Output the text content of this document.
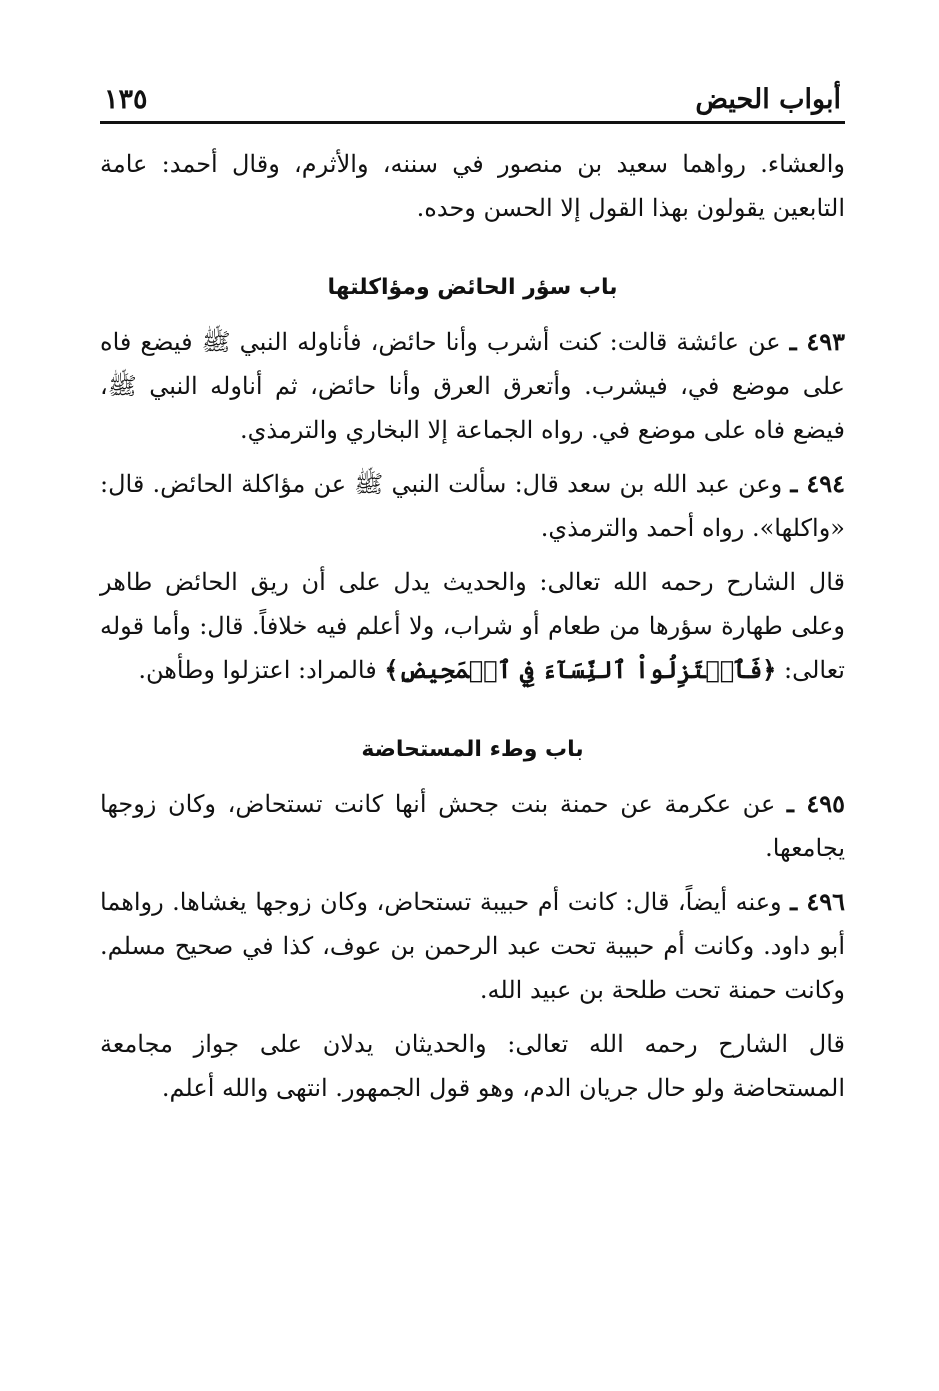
أبواب الحيض
١٣٥

والعشاء. رواهما سعيد بن منصور في سننه، والأثرم، وقال أحمد: عامة التابعين يقولون بهذا القول إلا الحسن وحده.

باب سؤر الحائض ومؤاكلتها

٤٩٣ ـ عن عائشة قالت: كنت أشرب وأنا حائض، فأناوله النبي ﷺ فيضع فاه على موضع في، فيشرب. وأتعرق العرق وأنا حائض، ثم أناوله النبي ﷺ، فيضع فاه على موضع في. رواه الجماعة إلا البخاري والترمذي.

٤٩٤ ـ وعن عبد الله بن سعد قال: سألت النبي ﷺ عن مؤاكلة الحائض. قال: «واكلها». رواه أحمد والترمذي.

قال الشارح رحمه الله تعالى: والحديث يدل على أن ريق الحائض طاهر وعلى طهارة سؤرها من طعام أو شراب، ولا أعلم فيه خلافاً. قال: وأما قوله تعالى: ﴿فَٱعۡتَزِلُواْ ٱلنِّسَآءَ فِي ٱلۡمَحِيضِ﴾ فالمراد: اعتزلوا وطأهن.

باب وطء المستحاضة

٤٩٥ ـ عن عكرمة عن حمنة بنت جحش أنها كانت تستحاض، وكان زوجها يجامعها.

٤٩٦ ـ وعنه أيضاً، قال: كانت أم حبيبة تستحاض، وكان زوجها يغشاها. رواهما أبو داود. وكانت أم حبيبة تحت عبد الرحمن بن عوف، كذا في صحيح مسلم. وكانت حمنة تحت طلحة بن عبيد الله.

قال الشارح رحمه الله تعالى: والحديثان يدلان على جواز مجامعة المستحاضة ولو حال جريان الدم، وهو قول الجمهور. انتهى والله أعلم.
